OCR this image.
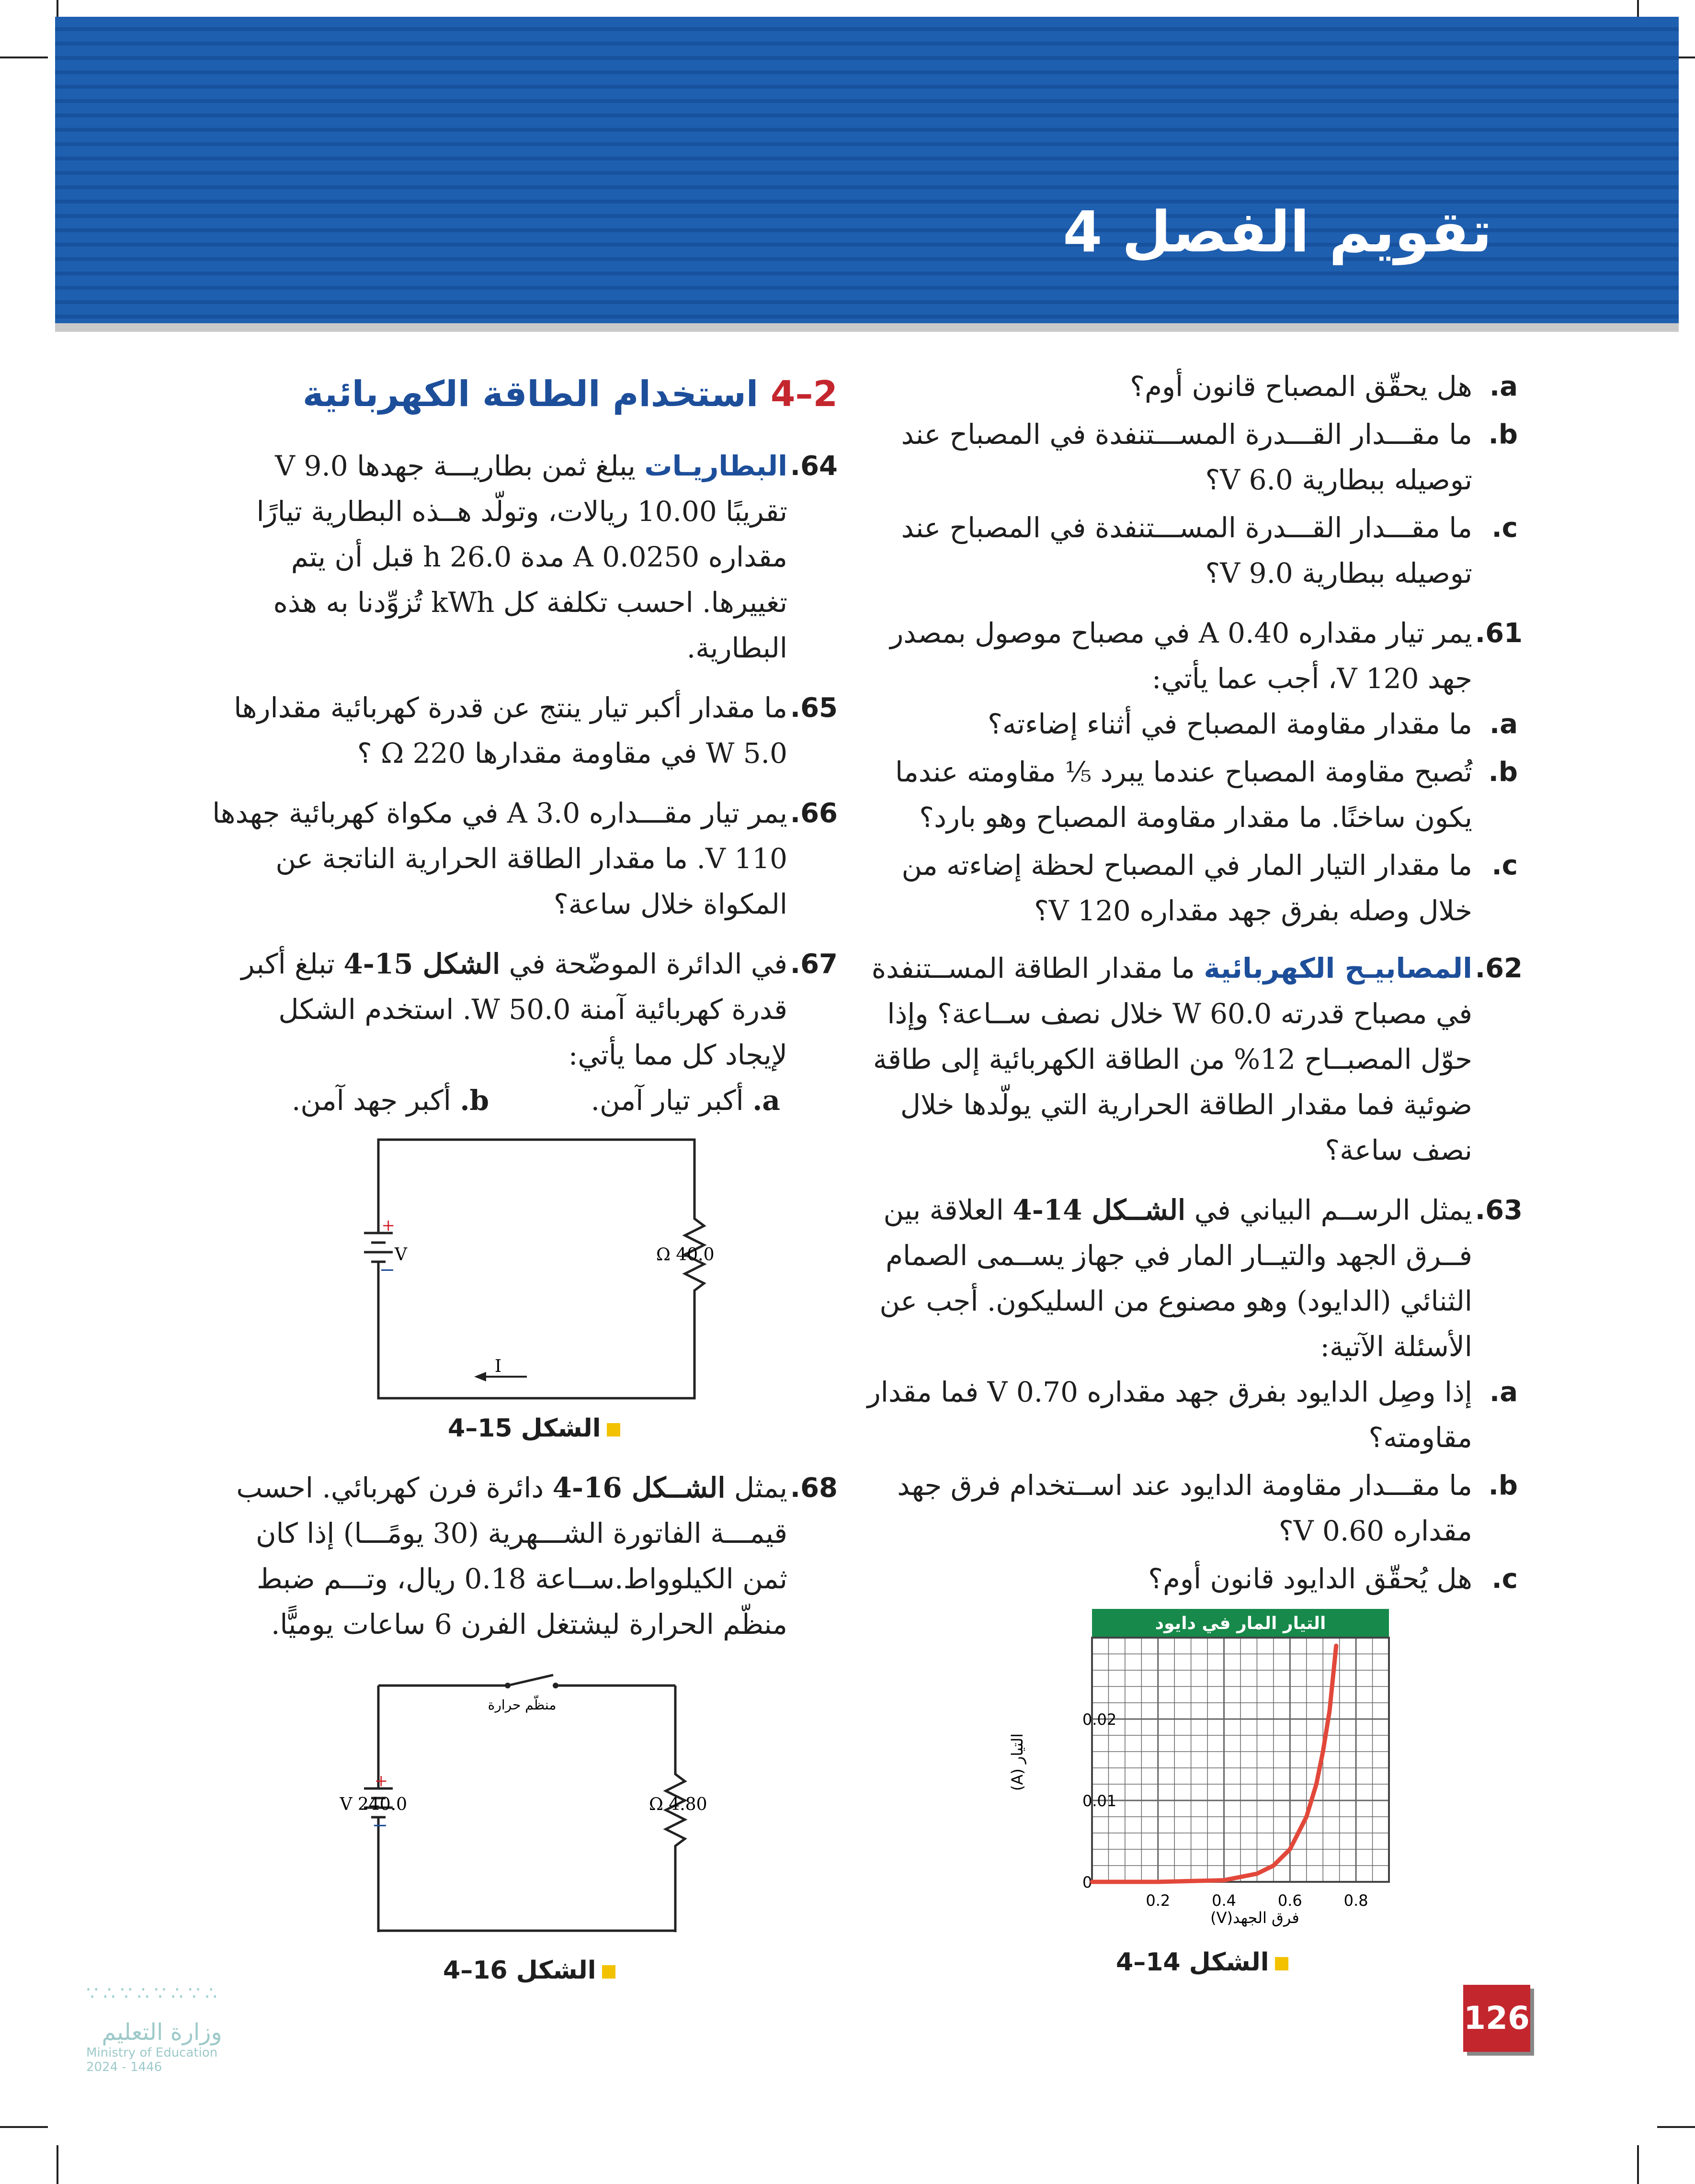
تقويم الفصل 4
a.
هل يحقّق المصباح قانون أوم؟
b.
ما مقـــدار القـــدرة المســـتنفدة في المصباح عند توصيله ببطارية 6.0 V؟
c.
ما مقـــدار القـــدرة المســـتنفدة في المصباح عند توصيله ببطارية 9.0 V؟
61.
يمر تيار مقداره 0.40 A في مصباح موصول بمصدر جهد 120 V، أجب عما يأتي:
a.
ما مقدار مقاومة المصباح في أثناء إضاءته؟
b.
تُصبح مقاومة المصباح عندما يبرد ⅕ مقاومته عندما يكون ساخنًا. ما مقدار مقاومة المصباح وهو بارد؟
c.
ما مقدار التيار المار في المصباح لحظة إضاءته من خلال وصله بفرق جهد مقداره 120 V؟
62.
المصابيـح الكهربائية ما مقدار الطاقة المســتنفدة في مصباح قدرته 60.0 W خلال نصف ســاعة؟ وإذا حوّل المصبــاح 12% من الطاقة الكهربائية إلى طاقة ضوئية فما مقدار الطاقة الحرارية التي يولّدها خلال نصف ساعة؟
63.
يمثل الرســم البياني في الشــكل 14-4 العلاقة بين فــرق الجهد والتيــار المار في جهاز يســمى الصمام الثنائي (الدايود) وهو مصنوع من السليكون. أجب عن الأسئلة الآتية:
a.
إذا وصِل الدايود بفرق جهد مقداره 0.70 V فما مقدار مقاومته؟
b.
ما مقـــدار مقاومة الدايود عند اســتخدام فرق جهد مقداره 0.60 V؟
c.
هل يُحقّق الدايود قانون أوم؟
التيار المار في دايود
0
0.01
0.02
0.2	0.4	0.6	0.8
التيار (A)
فرق الجهد(V)
الشكل 14–4
2–4 استخدام الطاقة الكهربائية
64.
البطاريـات يبلغ ثمن بطاريـــة جهدها 9.0 V تقريبًا 10.00 ريالات، وتولّد هــذه البطارية تيارًا مقداره 0.0250 A مدة 26.0 h قبل أن يتم تغييرها. احسب تكلفة كل kWh تُزوِّدنا به هذه البطارية.
65.
ما مقدار أكبر تيار ينتج عن قدرة كهربائية مقدارها 5.0 W في مقاومة مقدارها 220 Ω ؟
66.
يمر تيار مقـــداره 3.0 A في مكواة كهربائية جهدها 110 V. ما مقدار الطاقة الحرارية الناتجة عن المكواة خلال ساعة؟
67.
في الدائرة الموضّحة في الشكل 15-4 تبلغ أكبر قدرة كهربائية آمنة 50.0 W. استخدم الشكل لإيجاد كل مما يأتي:
a. أكبر تيار آمن.
b. أكبر جهد آمن.
+
−
V	40.0 Ω
I
الشكل 15–4
68.
يمثل الشــكل 16-4 دائرة فرن كهربائي. احسب قيمـــة الفاتورة الشـــهرية (30 يومًـــا) إذا كان ثمن الكيلوواط.ســاعة 0.18 ريال، وتـــم ضبط منظّم الحرارة ليشتغل الفرن 6 ساعات يوميًّا.
منظّم حرارة
+
−
240.0 V	4.80 Ω
الشكل 16–4
∴∵∴∵∴∵∴∵
وزارة التعليم
Ministry of Education
2024 - 1446
126
